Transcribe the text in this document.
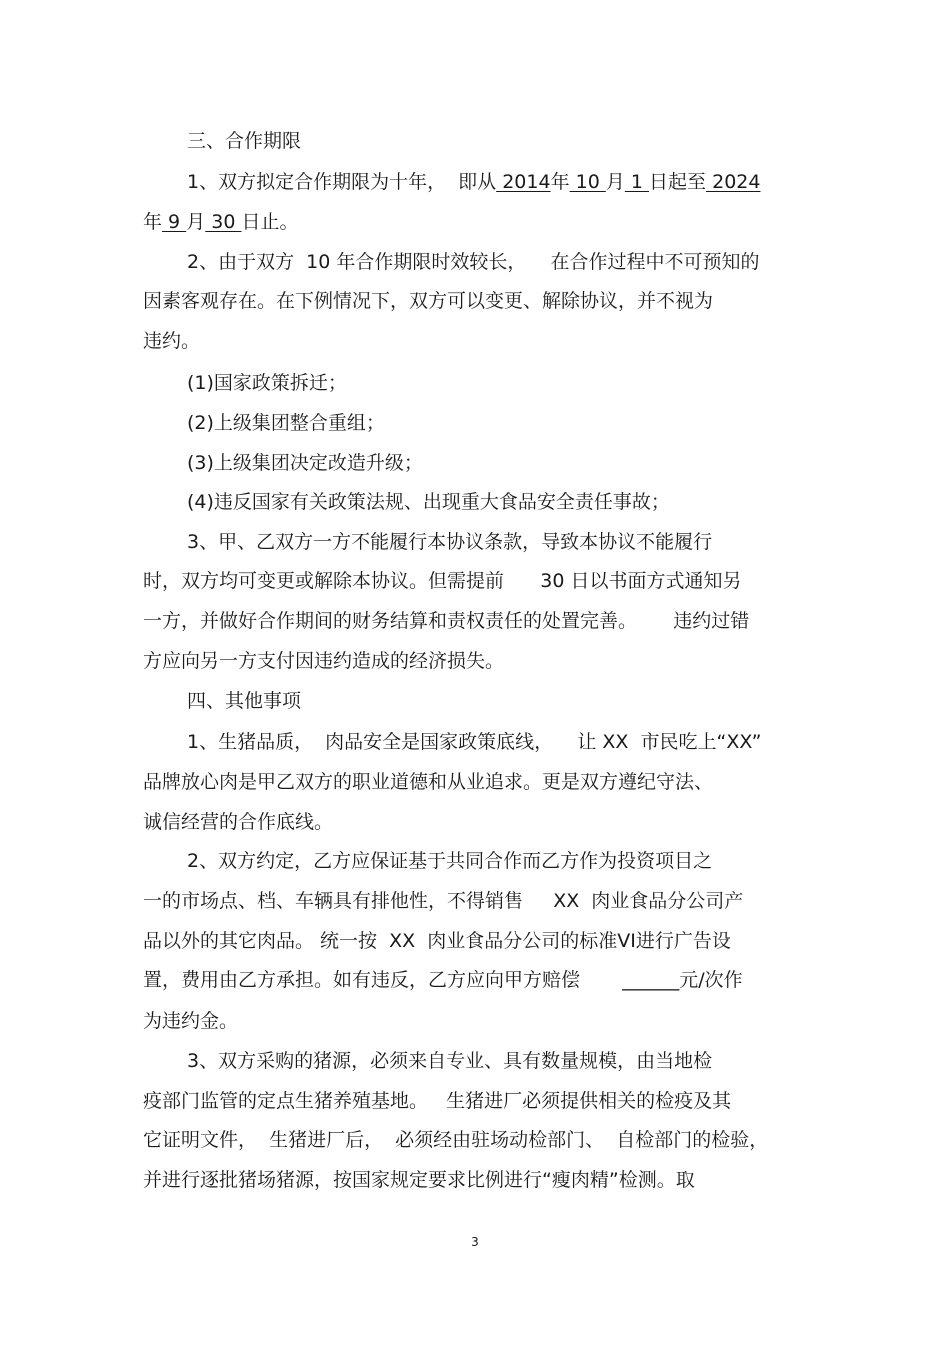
三、合作期限
1、双方拟定合作期限为十年，  即从 2014年 10 月 1 日起至 2024
年 9 月 30 日止。
2、由于双方  10 年合作期限时效较长，    在合作过程中不可预知的
因素客观存在。在下例情况下，双方可以变更、解除协议，并不视为
违约。
(1)国家政策拆迁；
(2)上级集团整合重组；
(3)上级集团决定改造升级；
(4)违反国家有关政策法规、出现重大食品安全责任事故；
3、甲、乙双方一方不能履行本协议条款，导致本协议不能履行
时，双方均可变更或解除本协议。但需提前      30 日以书面方式通知另
一方，并做好合作期间的财务结算和责权责任的处置完善。      违约过错
方应向另一方支付因违约造成的经济损失。
四、其他事项
1、生猪品质，  肉品安全是国家政策底线，    让 XX  市民吃上“XX”
品牌放心肉是甲乙双方的职业道德和从业追求。更是双方遵纪守法、
诚信经营的合作底线。
2、双方约定，乙方应保证基于共同合作而乙方作为投资项目之
一的市场点、档、车辆具有排他性，不得销售     XX  肉业食品分公司产
品以外的其它肉品。 统一按  XX  肉业食品分公司的标准VI进行广告设
置，费用由乙方承担。如有违反，乙方应向甲方赔偿       ______元/次作
为违约金。
3、双方采购的猪源，必须来自专业、具有数量规模，由当地检
疫部门监管的定点生猪养殖基地。   生猪进厂必须提供相关的检疫及其
它证明文件，  生猪进厂后，  必须经由驻场动检部门、  自检部门的检验，
并进行逐批猪场猪源，按国家规定要求比例进行“瘦肉精”检测。取
3
